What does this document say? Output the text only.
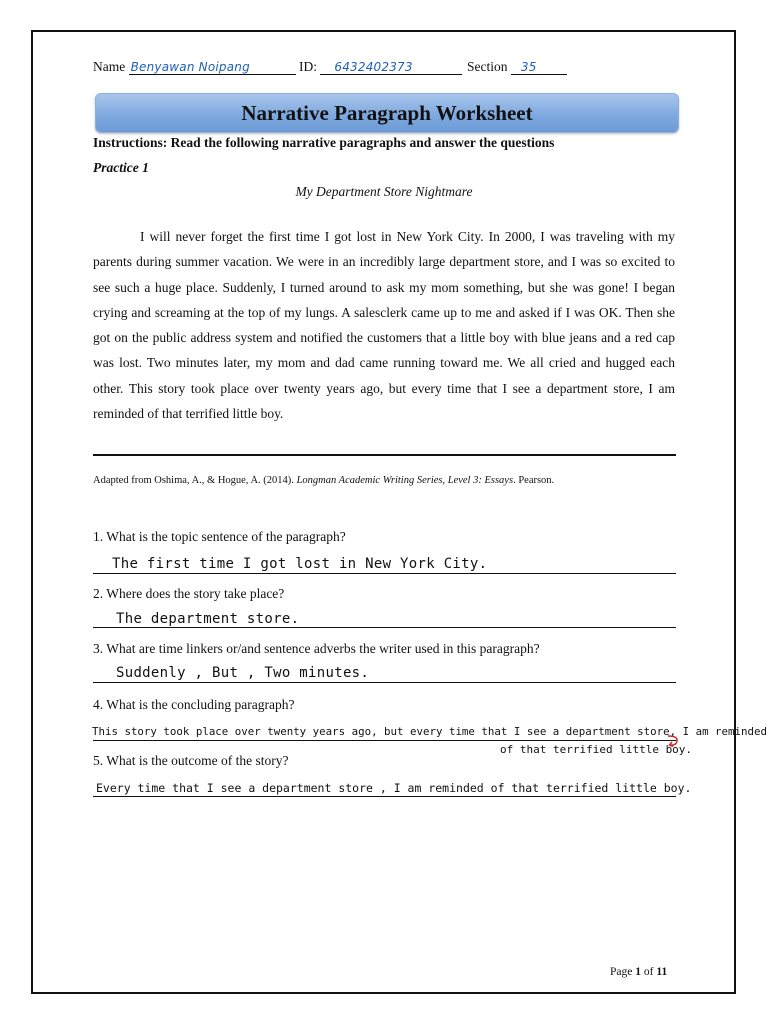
Name Benyawan Noipang	ID: 6432402373	Section 35
Narrative Paragraph Worksheet
Instructions: Read the following narrative paragraphs and answer the questions
Practice 1
My Department Store Nightmare

I will never forget the first time I got lost in New York City. In 2000, I was traveling with my parents during summer vacation. We were in an incredibly large department store, and I was so excited to see such a huge place. Suddenly, I turned around to ask my mom something, but she was gone! I began crying and screaming at the top of my lungs. A salesclerk came up to me and asked if I was OK. Then she got on the public address system and notified the customers that a little boy with blue jeans and a red cap was lost. Two minutes later, my mom and dad came running toward me. We all cried and hugged each other. This story took place over twenty years ago, but every time that I see a department store, I am reminded of that terrified little boy.

Adapted from Oshima, A., & Hogue, A. (2014). Longman Academic Writing Series, Level 3: Essays. Pearson.
1. What is the topic sentence of the paragraph?
The first time I got lost in New York City.
2. Where does the story take place?
The department store.
3. What are time linkers or/and sentence adverbs the writer used in this paragraph?
Suddenly , But , Two minutes.
4. What is the concluding paragraph?
This story took place over twenty years ago, but every time that I see a department store, I am reminded
of that terrified little boy.
5. What is the outcome of the story?
Every time that I see a department store , I am reminded of that terrified little boy.
Page 1 of 11
